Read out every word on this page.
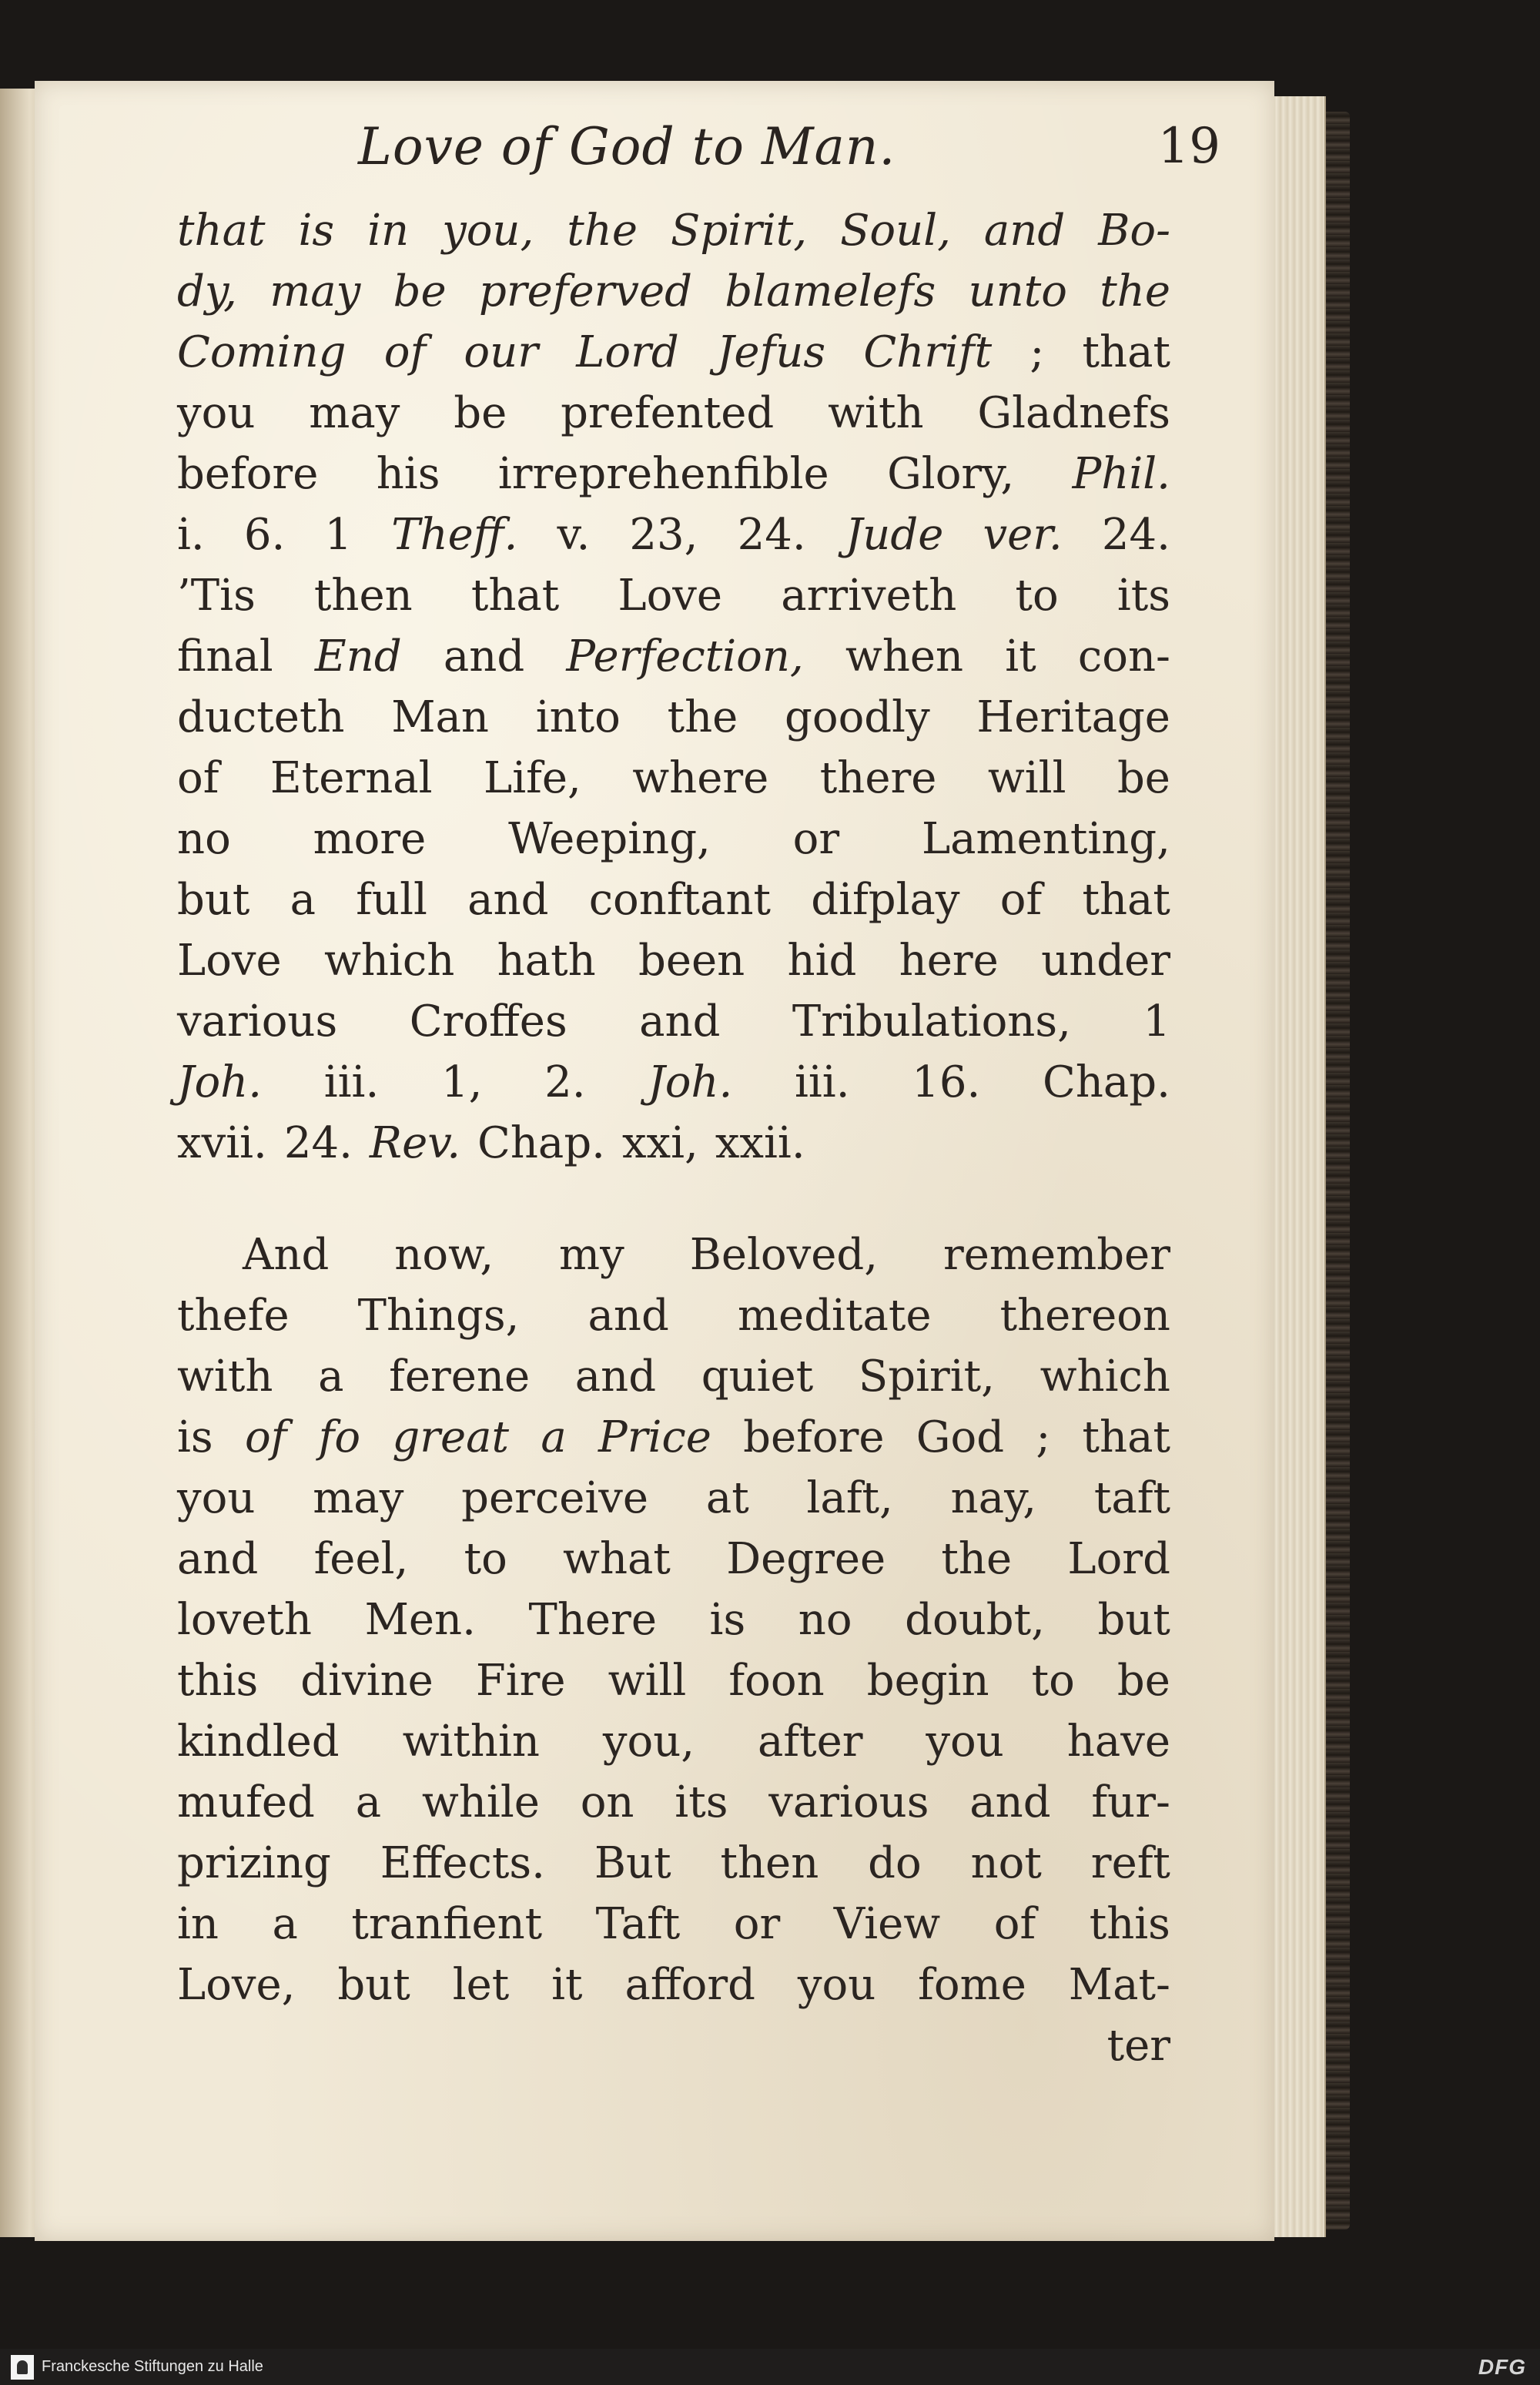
Love of God to Man.	19
that is in you, the Spirit, Soul, and Bo-
dy, may be preferved blamelefs unto the
Coming of our Lord Jefus Chrift ; that
you may be prefented with Gladnefs
before his irreprehenfible Glory, Phil.
i. 6. 1 Theff. v. 23, 24. Jude ver. 24.
’Tis then that Love arriveth to its
final End and Perfection, when it con-
ducteth Man into the goodly Heritage
of Eternal Life, where there will be
no more Weeping, or Lamenting,
but a full and conftant difplay of that
Love which hath been hid here under
various Croffes and Tribulations, 1
Joh. iii. 1, 2. Joh. iii. 16. Chap.
xvii. 24. Rev. Chap. xxi, xxii.
And now, my Beloved, remember
thefe Things, and meditate thereon
with a ferene and quiet Spirit, which
is of fo great a Price before God ; that
you may perceive at laft, nay, taft
and feel, to what Degree the Lord
loveth Men. There is no doubt, but
this divine Fire will foon begin to be
kindled within you, after you have
mufed a while on its various and fur-
prizing Effects. But then do not reft
in a tranfient Taft or View of this
Love, but let it afford you fome Mat-
ter
Franckesche Stiftungen zu Halle	DFG
